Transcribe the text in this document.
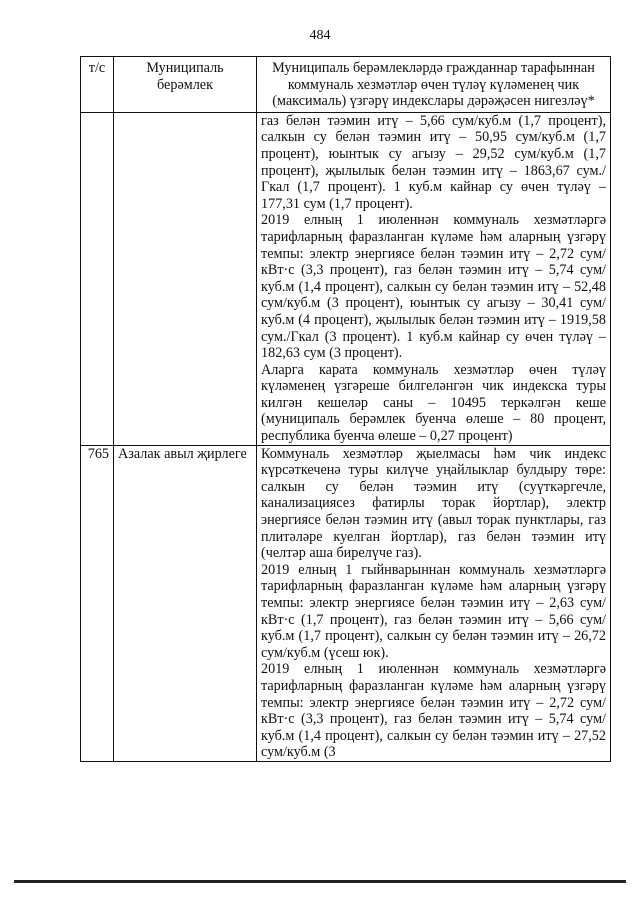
484
т/с	Муниципаль берәмлек	Муниципаль берәмлекләрдә гражданнар тарафыннан коммуналь хезмәтләр өчен түләү күләменең чик (максималь) үзгәрү индекслары дәрәҗәсен нигезләү*

		газ белән тәэмин итү – 5,66 сум/куб.м (1,7 процент), салкын су белән тәэмин итү – 50,95 сум/куб.м (1,7 процент), юынтык су агызу – 29,52 сум/куб.м (1,7 процент), җылылык белән тәэмин итү – 1863,67 сум./Гкал (1,7 процент). 1 куб.м кайнар су өчен түләү – 177,31 сум (1,7 процент).

2019 елның 1 июленнән коммуналь хезмәтләргә тарифларның фаразланган күләме һәм аларның үзгәрү темпы: электр энергиясе белән тәэмин итү – 2,72 сум/кВт·с (3,3 процент), газ белән тәэмин итү – 5,74 сум/куб.м (1,4 процент), салкын су белән тәэмин итү – 52,48 сум/куб.м (3 процент), юынтык су агызу – 30,41 сум/куб.м (4 процент), җылылык белән тәэмин итү – 1919,58 сум./Гкал (3 процент). 1 куб.м кайнар су өчен түләү – 182,63 сум (3 процент).

Аларга карата коммуналь хезмәтләр өчен түләү күләменең үзгәреше билгеләнгән чик индекска туры килгән кешеләр саны – 10495 теркәлгән кеше (муниципаль берәмлек буенча өлеше – 80 процент, республика буенча өлеше – 0,27 процент)

765	Азалак авыл җирлеге	Коммуналь хезмәтләр җыелмасы һәм чик индекс күрсәткеченә туры килүче уңайлыклар булдыру төре: салкын су белән тәэмин итү (суүткәргечле, канализациясез фатирлы торак йортлар), электр энергиясе белән тәэмин итү (авыл торак пунктлары, газ плитәләре куелган йортлар), газ белән тәэмин итү (челтәр аша бирелүче газ).

2019 елның 1 гыйнварыннан коммуналь хезмәтләргә тарифларның фаразланган күләме һәм аларның үзгәрү темпы: электр энергиясе белән тәэмин итү – 2,63 сум/кВт·с (1,7 процент), газ белән тәэмин итү – 5,66 сум/куб.м (1,7 процент), салкын су белән тәэмин итү – 26,72 сум/куб.м (үсеш юк).

2019 елның 1 июленнән коммуналь хезмәтләргә тарифларның фаразланган күләме һәм аларның үзгәрү темпы: электр энергиясе белән тәэмин итү – 2,72 сум/кВт·с (3,3 процент), газ белән тәэмин итү – 5,74 сум/куб.м (1,4 процент), салкын су белән тәэмин итү – 27,52 сум/куб.м (3
